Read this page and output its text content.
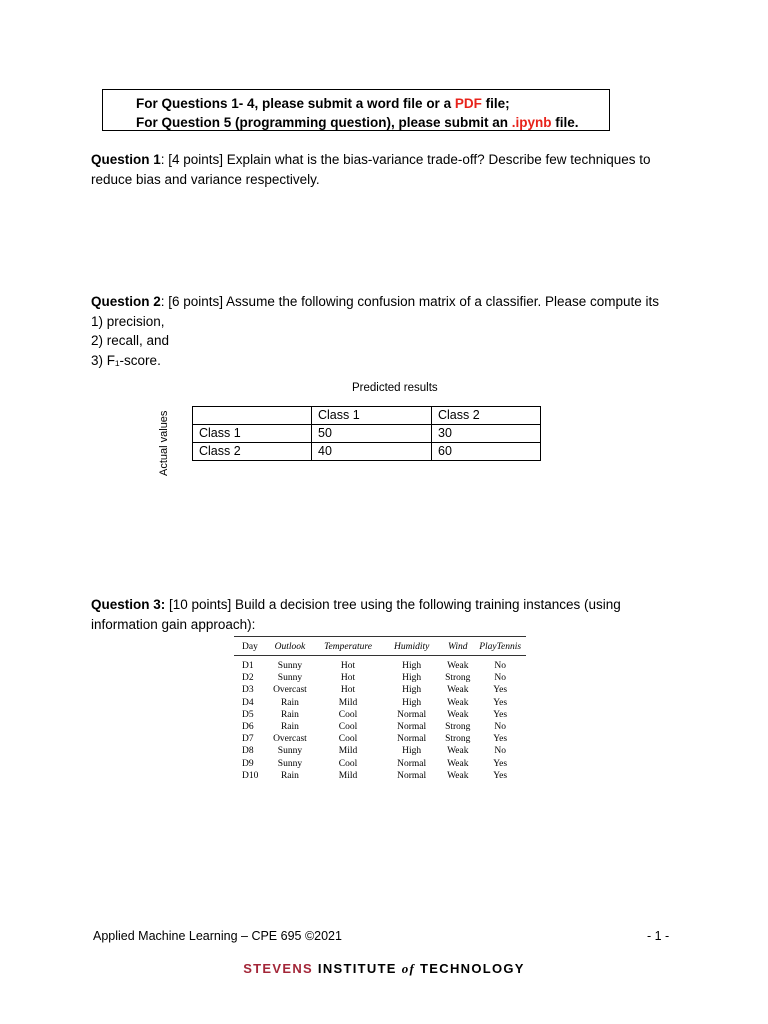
For Questions 1- 4, please submit a word file or a PDF file;
For Question 5 (programming question), please submit an .ipynb file.
Question 1: [4 points] Explain what is the bias-variance trade-off? Describe few techniques to reduce bias and variance respectively.
Question 2: [6 points] Assume the following confusion matrix of a classifier. Please compute its
1) precision,
2) recall, and
3) F₁-score.
Predicted results
Actual values
		Class 1	Class 2
Class 1	50	30
Class 2	40	60
Question 3: [10 points] Build a decision tree using the following training instances (using information gain approach):
Day	Outlook	Temperature	Humidity	Wind	PlayTennis
D1	Sunny	Hot	High	Weak	No
D2	Sunny	Hot	High	Strong	No
D3	Overcast	Hot	High	Weak	Yes
D4	Rain	Mild	High	Weak	Yes
D5	Rain	Cool	Normal	Weak	Yes
D6	Rain	Cool	Normal	Strong	No
D7	Overcast	Cool	Normal	Strong	Yes
D8	Sunny	Mild	High	Weak	No
D9	Sunny	Cool	Normal	Weak	Yes
D10	Rain	Mild	Normal	Weak	Yes
Applied Machine Learning – CPE 695 ©2021	- 1 -
STEVENS INSTITUTE of TECHNOLOGY
